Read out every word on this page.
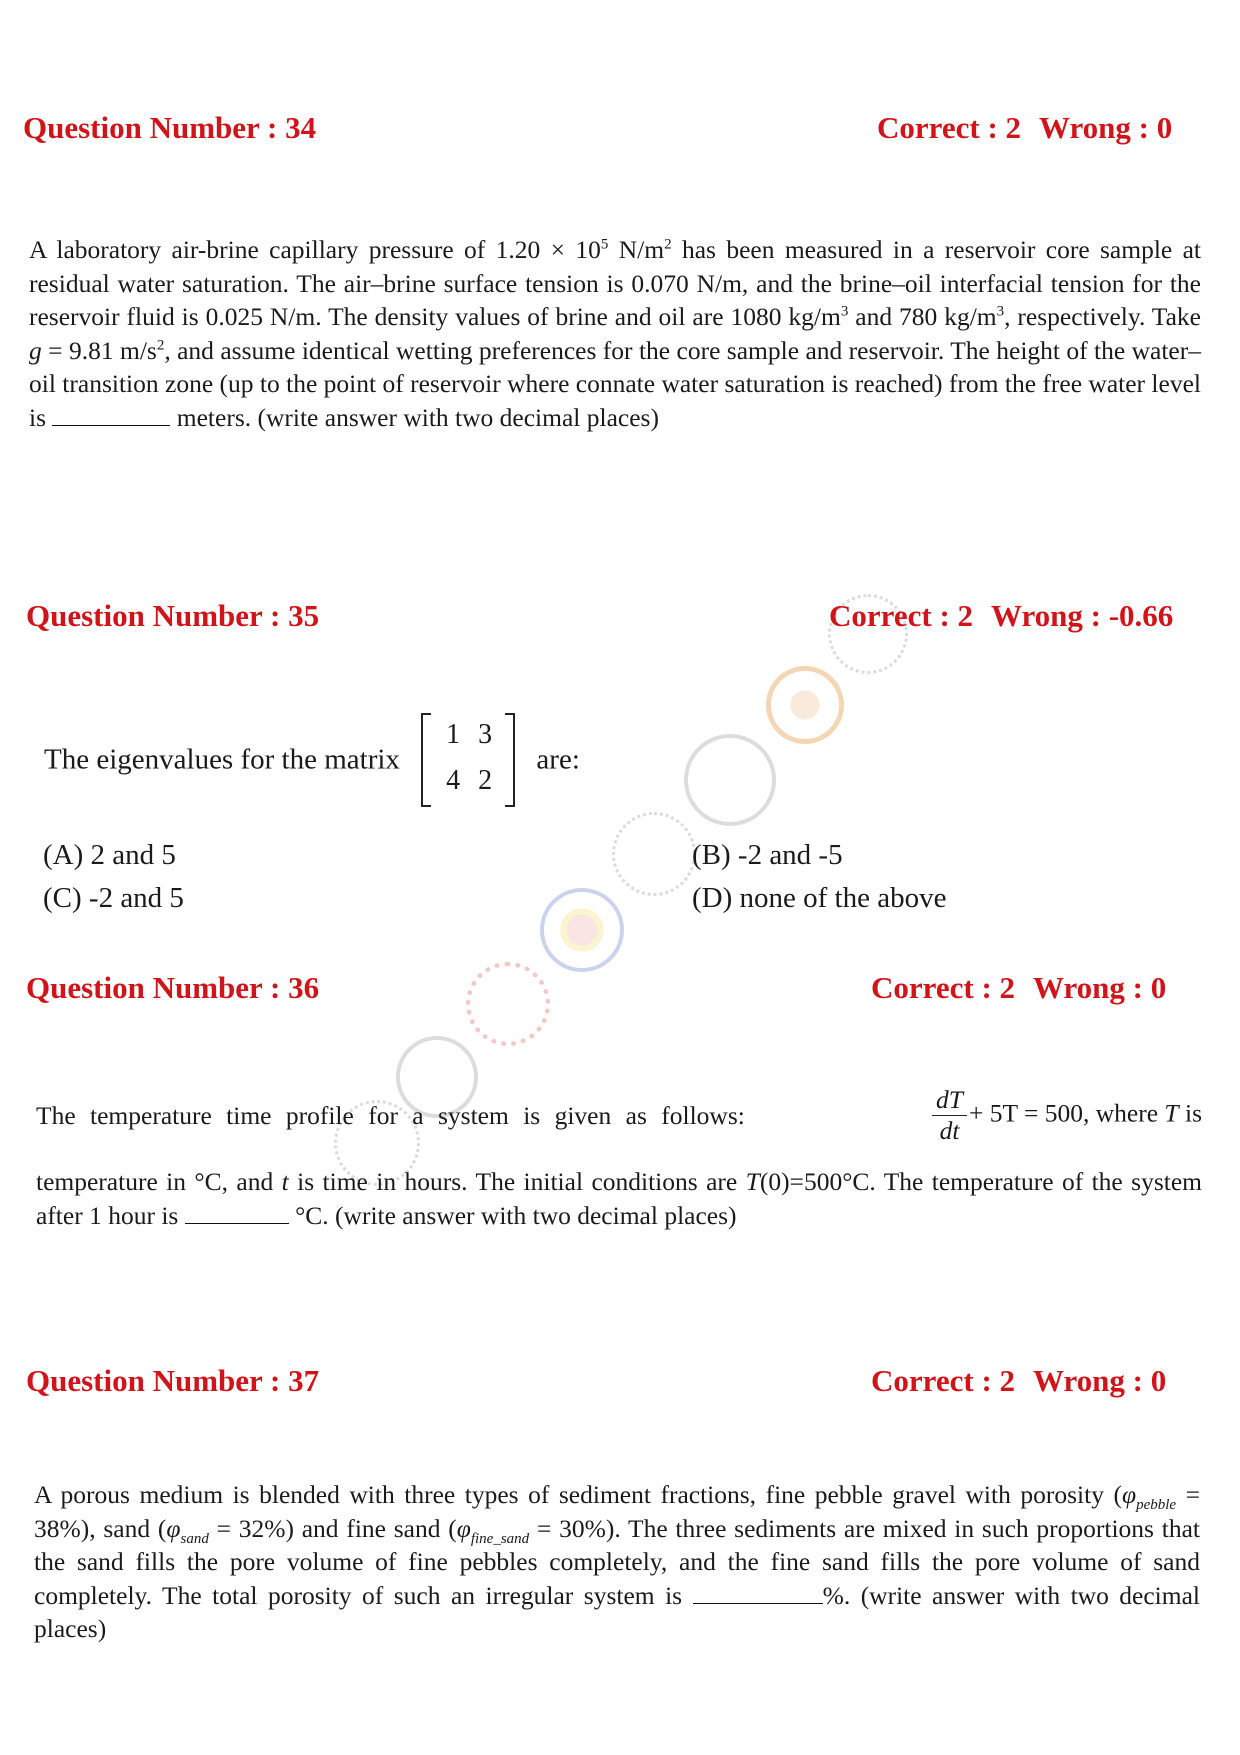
Question Number : 34	Correct : 2 Wrong : 0
A laboratory air-brine capillary pressure of $1.20 \times 10^5$ $N/m^2$ has been measured in a reservoir core sample at residual water saturation. The air–brine surface tension is 0.070 N/m, and the brine–oil interfacial tension for the reservoir fluid is 0.025 N/m. The density values of brine and oil are 1080 $kg/m^3$ and 780 $kg/m^3$, respectively. Take g = 9.81 $m/s^2$, and assume identical wetting preferences for the core sample and reservoir. The height of the water–oil transition zone (up to the point of reservoir where connate water saturation is reached) from the free water level is	meters. (write answer with two decimal places)
Question Number : 35	Correct : 2 Wrong : -0.66
The eigenvalues for the matrix
1 3
4 2
are:
(A) 2 and 5	(B) -2 and -5
(C) -2 and 5	(D) none of the above
Question Number : 36	Correct : 2 Wrong : 0
The temperature time profile for a system is given as follows:	$\frac{dT}{dt} + 5T = 500$, where T is
temperature in °C, and t is time in hours. The initial conditions are T(0)=500°C. The temperature of the system after 1 hour is	°C. (write answer with two decimal places)
Question Number : 37	Correct : 2 Wrong : 0
A porous medium is blended with three types of sediment fractions, fine pebble gravel with porosity $(\varphi_{pebble} = 38\%)$, sand $(\varphi_{sand} = 32\%)$ and fine sand $(\varphi_{fine\_sand} = 30\%)$. The three sediments are mixed in such proportions that the sand fills the pore volume of fine pebbles completely, and the fine sand fills the pore volume of sand completely. The total porosity of such an irregular system is	%. (write answer with two decimal places)
